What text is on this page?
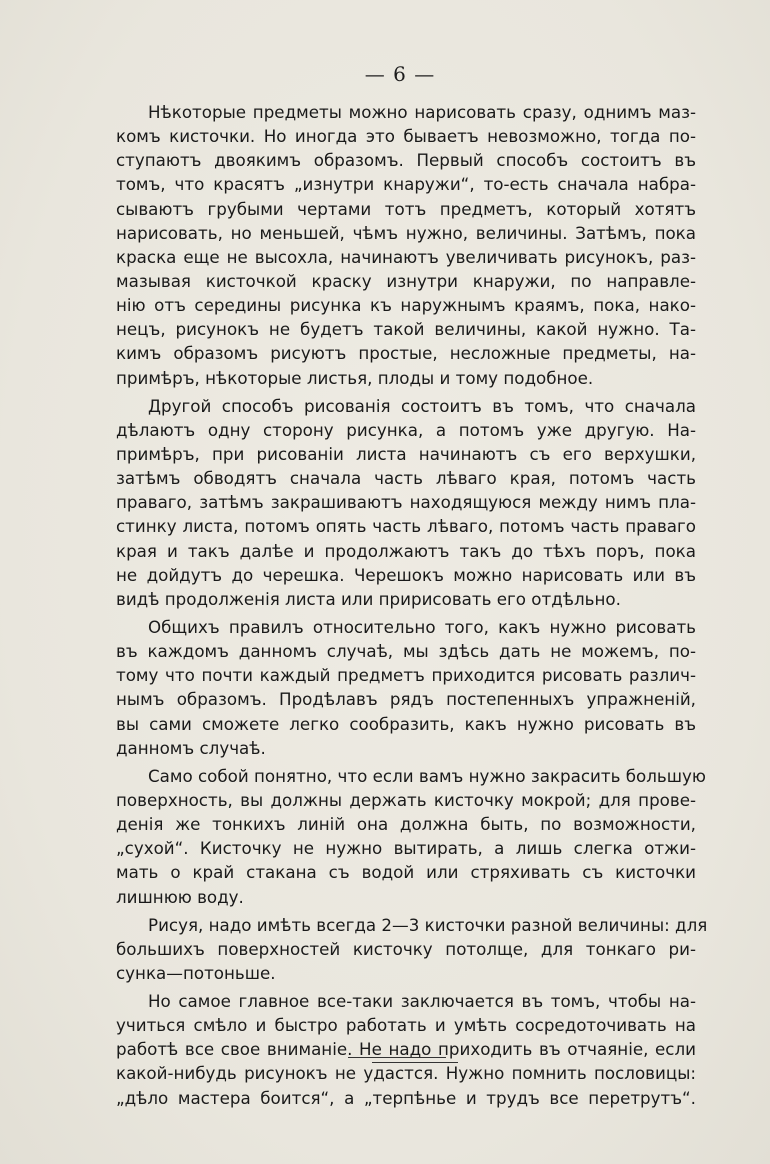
— 6 —
Нѣкоторые предметы можно нарисовать сразу, однимъ маз-
комъ кисточки. Но иногда это бываетъ невозможно, тогда по-
ступаютъ двоякимъ образомъ. Первый способъ состоитъ въ
томъ, что красятъ „изнутри кнаружи“, то-есть сначала набра-
сываютъ грубыми чертами тотъ предметъ, который хотятъ
нарисовать, но меньшей, чѣмъ нужно, величины. Затѣмъ, пока
краска еще не высохла, начинаютъ увеличивать рисунокъ, раз-
мазывая кисточкой краску изнутри кнаружи, по направле-
нію отъ середины рисунка къ наружнымъ краямъ, пока, нако-
нецъ, рисунокъ не будетъ такой величины, какой нужно. Та-
кимъ образомъ рисуютъ простые, несложные предметы, на-
примѣръ, нѣкоторые листья, плоды и тому подобное.
Другой способъ рисованія состоитъ въ томъ, что сначала
дѣлаютъ одну сторону рисунка, а потомъ уже другую. На-
примѣръ, при рисованіи листа начинаютъ съ его верхушки,
затѣмъ обводятъ сначала часть лѣваго края, потомъ часть
праваго, затѣмъ закрашиваютъ находящуюся между нимъ пла-
стинку листа, потомъ опять часть лѣваго, потомъ часть праваго
края и такъ далѣе и продолжаютъ такъ до тѣхъ поръ, пока
не дойдутъ до черешка. Черешокъ можно нарисовать или въ
видѣ продолженія листа или пририсовать его отдѣльно.
Общихъ правилъ относительно того, какъ нужно рисовать
въ каждомъ данномъ случаѣ, мы здѣсь дать не можемъ, по-
тому что почти каждый предметъ приходится рисовать различ-
нымъ образомъ. Продѣлавъ рядъ постепенныхъ упражненій,
вы сами сможете легко сообразить, какъ нужно рисовать въ
данномъ случаѣ.
Само собой понятно, что если вамъ нужно закрасить большую
поверхность, вы должны держать кисточку мокрой; для прове-
денія же тонкихъ линій она должна быть, по возможности,
„сухой“. Кисточку не нужно вытирать, а лишь слегка отжи-
мать о край стакана съ водой или стряхивать съ кисточки
лишнюю воду.
Рисуя, надо имѣть всегда 2—3 кисточки разной величины: для
большихъ поверхностей кисточку потолще, для тонкаго ри-
сунка—потоньше.
Но самое главное все-таки заключается въ томъ, чтобы на-
учиться смѣло и быстро работать и умѣть сосредоточивать на
работѣ все свое вниманіе. Не надо приходить въ отчаяніе, если
какой-нибудь рисунокъ не удастся. Нужно помнить пословицы:
„дѣло мастера боится“, а „терпѣнье и трудъ все перетрутъ“.
